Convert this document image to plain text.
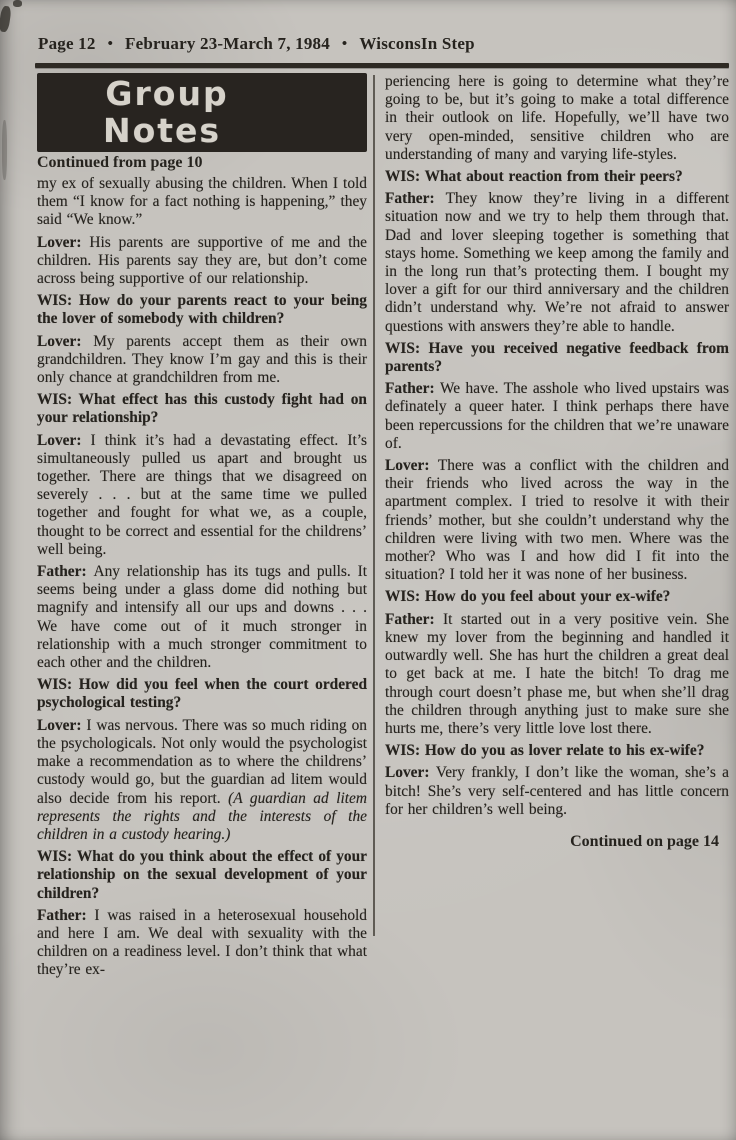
Page 12 • February 23-March 7, 1984 • WisconsIn Step
Group
Notes
Continued from page 10

my ex of sexually abusing the children. When I told them “I know for a fact nothing is happening,” they said “We know.”

Lover: His parents are supportive of me and the children. His parents say they are, but don’t come across being supportive of our relationship.

WIS: How do your parents react to your being the lover of somebody with children?

Lover: My parents accept them as their own grandchildren. They know I’m gay and this is their only chance at grandchildren from me.

WIS: What effect has this custody fight had on your relationship?

Lover: I think it’s had a devastating effect. It’s simultaneously pulled us apart and brought us together. There are things that we disagreed on severely . . . but at the same time we pulled together and fought for what we, as a couple, thought to be correct and essential for the childrens’ well being.

Father: Any relationship has its tugs and pulls. It seems being under a glass dome did nothing but magnify and intensify all our ups and downs . . . We have come out of it much stronger in relationship with a much stronger commitment to each other and the children.

WIS: How did you feel when the court ordered psychological testing?

Lover: I was nervous. There was so much riding on the psychologicals. Not only would the psychologist make a recommendation as to where the childrens’ custody would go, but the guardian ad litem would also decide from his report. (A guardian ad litem represents the rights and the interests of the children in a custody hearing.)

WIS: What do you think about the effect of your relationship on the sexual development of your children?

Father: I was raised in a heterosexual household and here I am. We deal with sexuality with the children on a readiness level. I don’t think that what they’re ex-

periencing here is going to determine what they’re going to be, but it’s going to make a total difference in their outlook on life. Hopefully, we’ll have two very open-minded, sensitive children who are understanding of many and varying life-styles.

WIS: What about reaction from their peers?

Father: They know they’re living in a different situation now and we try to help them through that. Dad and lover sleeping together is something that stays home. Something we keep among the family and in the long run that’s protecting them. I bought my lover a gift for our third anniversary and the children didn’t understand why. We’re not afraid to answer questions with answers they’re able to handle.

WIS: Have you received negative feedback from parents?

Father: We have. The asshole who lived upstairs was definately a queer hater. I think perhaps there have been repercussions for the children that we’re unaware of.

Lover: There was a conflict with the children and their friends who lived across the way in the apartment complex. I tried to resolve it with their friends’ mother, but she couldn’t understand why the children were living with two men. Where was the mother? Who was I and how did I fit into the situation? I told her it was none of her business.

WIS: How do you feel about your ex-wife?

Father: It started out in a very positive vein. She knew my lover from the beginning and handled it outwardly well. She has hurt the children a great deal to get back at me. I hate the bitch! To drag me through court doesn’t phase me, but when she’ll drag the children through anything just to make sure she hurts me, there’s very little love lost there.

WIS: How do you as lover relate to his ex-wife?

Lover: Very frankly, I don’t like the woman, she’s a bitch! She’s very self-centered and has little concern for her children’s well being.

Continued on page 14
